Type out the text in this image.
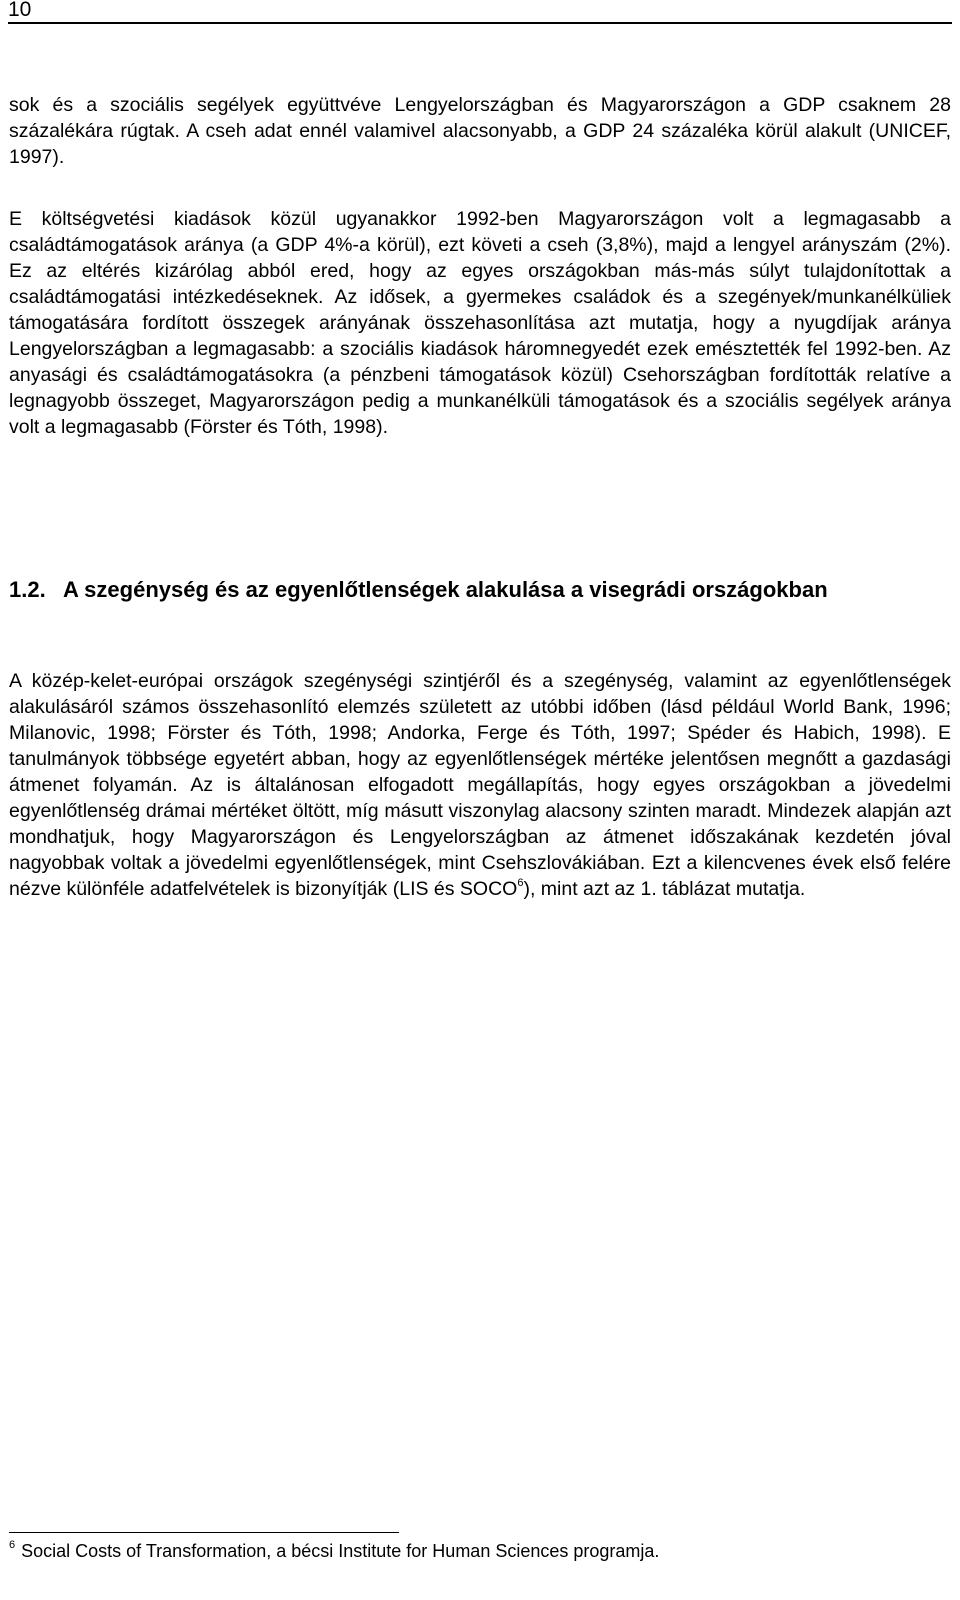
10

sok és a szociális segélyek együttvéve Lengyelországban és Magyarországon a GDP csaknem 28 százalékára rúgtak. A cseh adat ennél valamivel alacsonyabb, a GDP 24 százaléka körül alakult (UNICEF, 1997).

E költségvetési kiadások közül ugyanakkor 1992-ben Magyarországon volt a legmagasabb a családtámogatások aránya (a GDP 4%-a körül), ezt követi a cseh (3,8%), majd a lengyel arányszám (2%). Ez az eltérés kizárólag abból ered, hogy az egyes országokban más-más súlyt tulajdonítottak a családtámogatási intézkedéseknek. Az idősek, a gyermekes családok és a szegények/munkanélküliek támogatására fordított összegek arányának összehasonlítása azt mutatja, hogy a nyugdíjak aránya Lengyelországban a legmagasabb: a szociális kiadások háromnegyedét ezek emésztették fel 1992-ben. Az anyasági és családtámogatásokra (a pénzbeni támogatások közül) Csehországban fordították relatíve a legnagyobb összeget, Magyarországon pedig a munkanélküli támogatások és a szociális segélyek aránya volt a legmagasabb (Förster és Tóth, 1998).

1.2. A szegénység és az egyenlőtlenségek alakulása a visegrádi országokban

A közép-kelet-európai országok szegénységi szintjéről és a szegénység, valamint az egyenlőtlenségek alakulásáról számos összehasonlító elemzés született az utóbbi időben (lásd például World Bank, 1996; Milanovic, 1998; Förster és Tóth, 1998; Andorka, Ferge és Tóth, 1997; Spéder és Habich, 1998). E tanulmányok többsége egyetért abban, hogy az egyenlőtlenségek mértéke jelentősen megnőtt a gazdasági átmenet folyamán. Az is általánosan elfogadott megállapítás, hogy egyes országokban a jövedelmi egyenlőtlenség drámai mértéket öltött, míg másutt viszonylag alacsony szinten maradt. Mindezek alapján azt mondhatjuk, hogy Magyarországon és Lengyelországban az átmenet időszakának kezdetén jóval nagyobbak voltak a jövedelmi egyenlőtlenségek, mint Csehszlovákiában. Ezt a kilencvenes évek első felére nézve különféle adatfelvételek is bizonyítják (LIS és SOCO$^6$), mint azt az 1. táblázat mutatja.

$^6$ Social Costs of Transformation, a bécsi Institute for Human Sciences programja.
